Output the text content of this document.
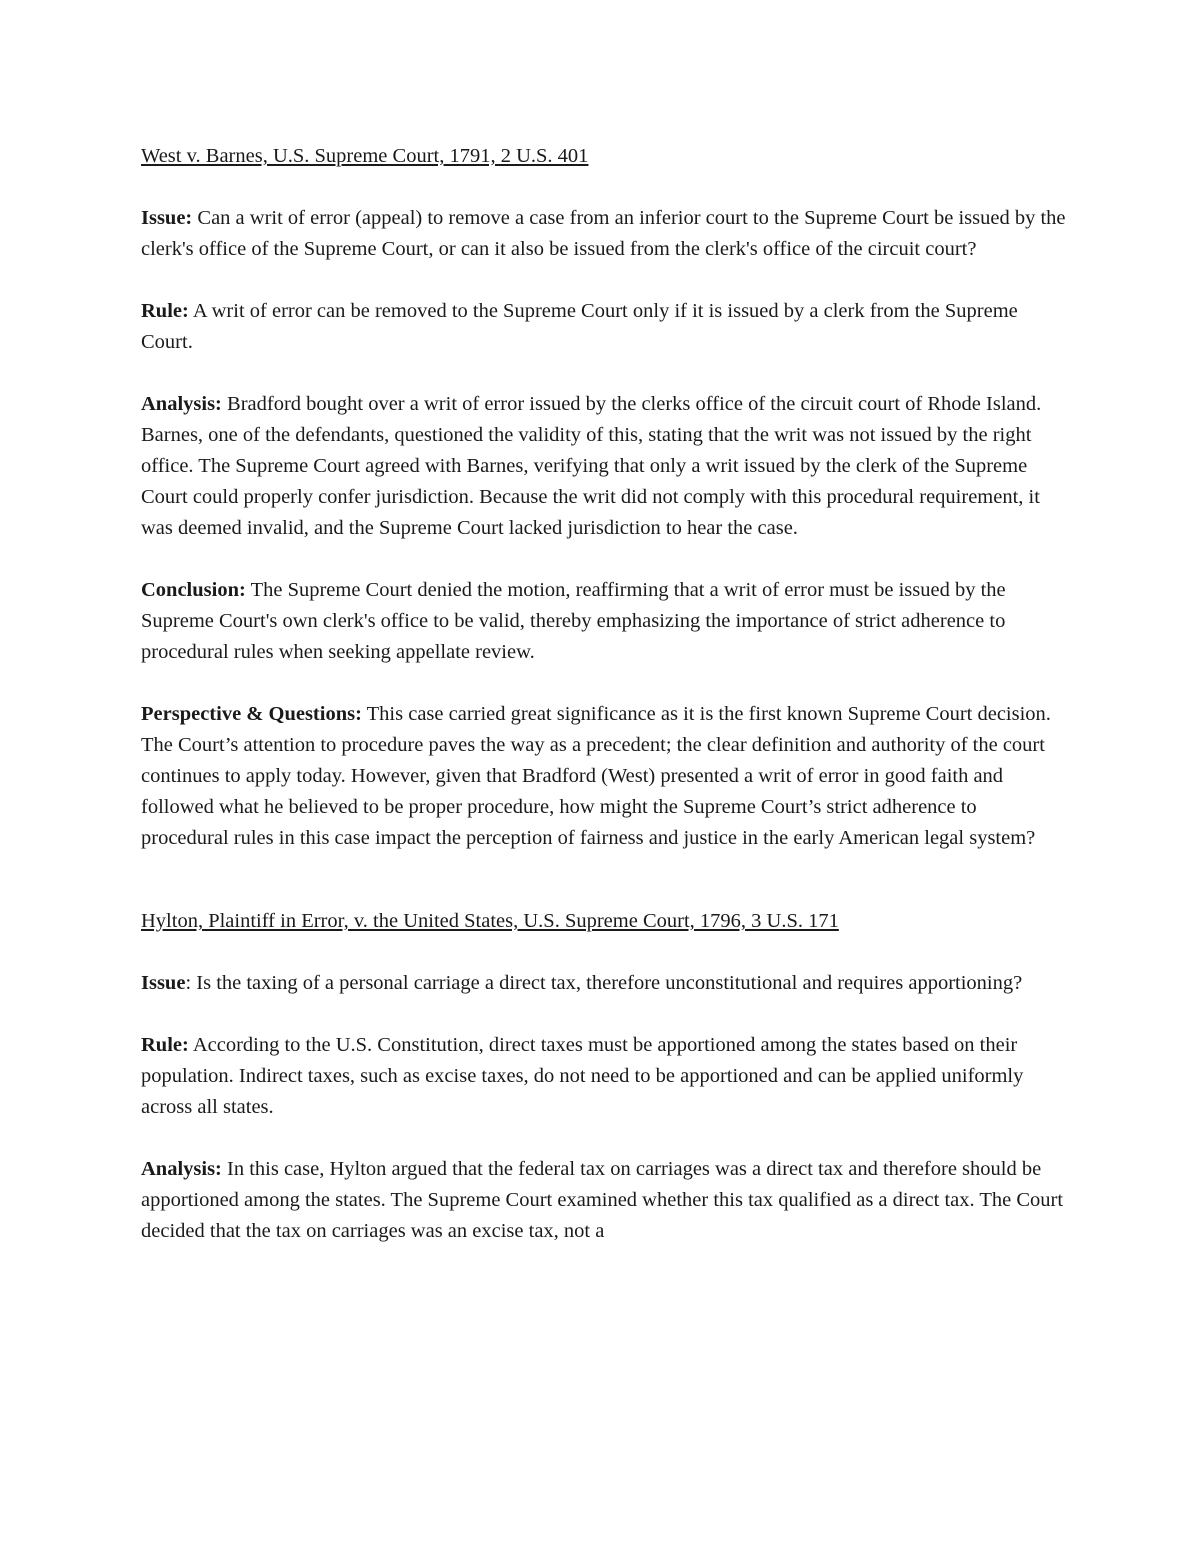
West v. Barnes, U.S. Supreme Court, 1791, 2 U.S. 401

Issue: Can a writ of error (appeal) to remove a case from an inferior court to the Supreme Court be issued by the clerk's office of the Supreme Court, or can it also be issued from the clerk's office of the circuit court?

Rule: A writ of error can be removed to the Supreme Court only if it is issued by a clerk from the Supreme Court.

Analysis: Bradford bought over a writ of error issued by the clerks office of the circuit court of Rhode Island. Barnes, one of the defendants, questioned the validity of this, stating that the writ was not issued by the right office. The Supreme Court agreed with Barnes, verifying that only a writ issued by the clerk of the Supreme Court could properly confer jurisdiction. Because the writ did not comply with this procedural requirement, it was deemed invalid, and the Supreme Court lacked jurisdiction to hear the case.

Conclusion: The Supreme Court denied the motion, reaffirming that a writ of error must be issued by the Supreme Court's own clerk's office to be valid, thereby emphasizing the importance of strict adherence to procedural rules when seeking appellate review.

Perspective & Questions: This case carried great significance as it is the first known Supreme Court decision. The Court’s attention to procedure paves the way as a precedent; the clear definition and authority of the court continues to apply today. However, given that Bradford (West) presented a writ of error in good faith and followed what he believed to be proper procedure, how might the Supreme Court’s strict adherence to procedural rules in this case impact the perception of fairness and justice in the early American legal system?

Hylton, Plaintiff in Error, v. the United States, U.S. Supreme Court, 1796, 3 U.S. 171

Issue: Is the taxing of a personal carriage a direct tax, therefore unconstitutional and requires apportioning?

Rule: According to the U.S. Constitution, direct taxes must be apportioned among the states based on their population. Indirect taxes, such as excise taxes, do not need to be apportioned and can be applied uniformly across all states.

Analysis: In this case, Hylton argued that the federal tax on carriages was a direct tax and therefore should be apportioned among the states. The Supreme Court examined whether this tax qualified as a direct tax. The Court decided that the tax on carriages was an excise tax, not a
